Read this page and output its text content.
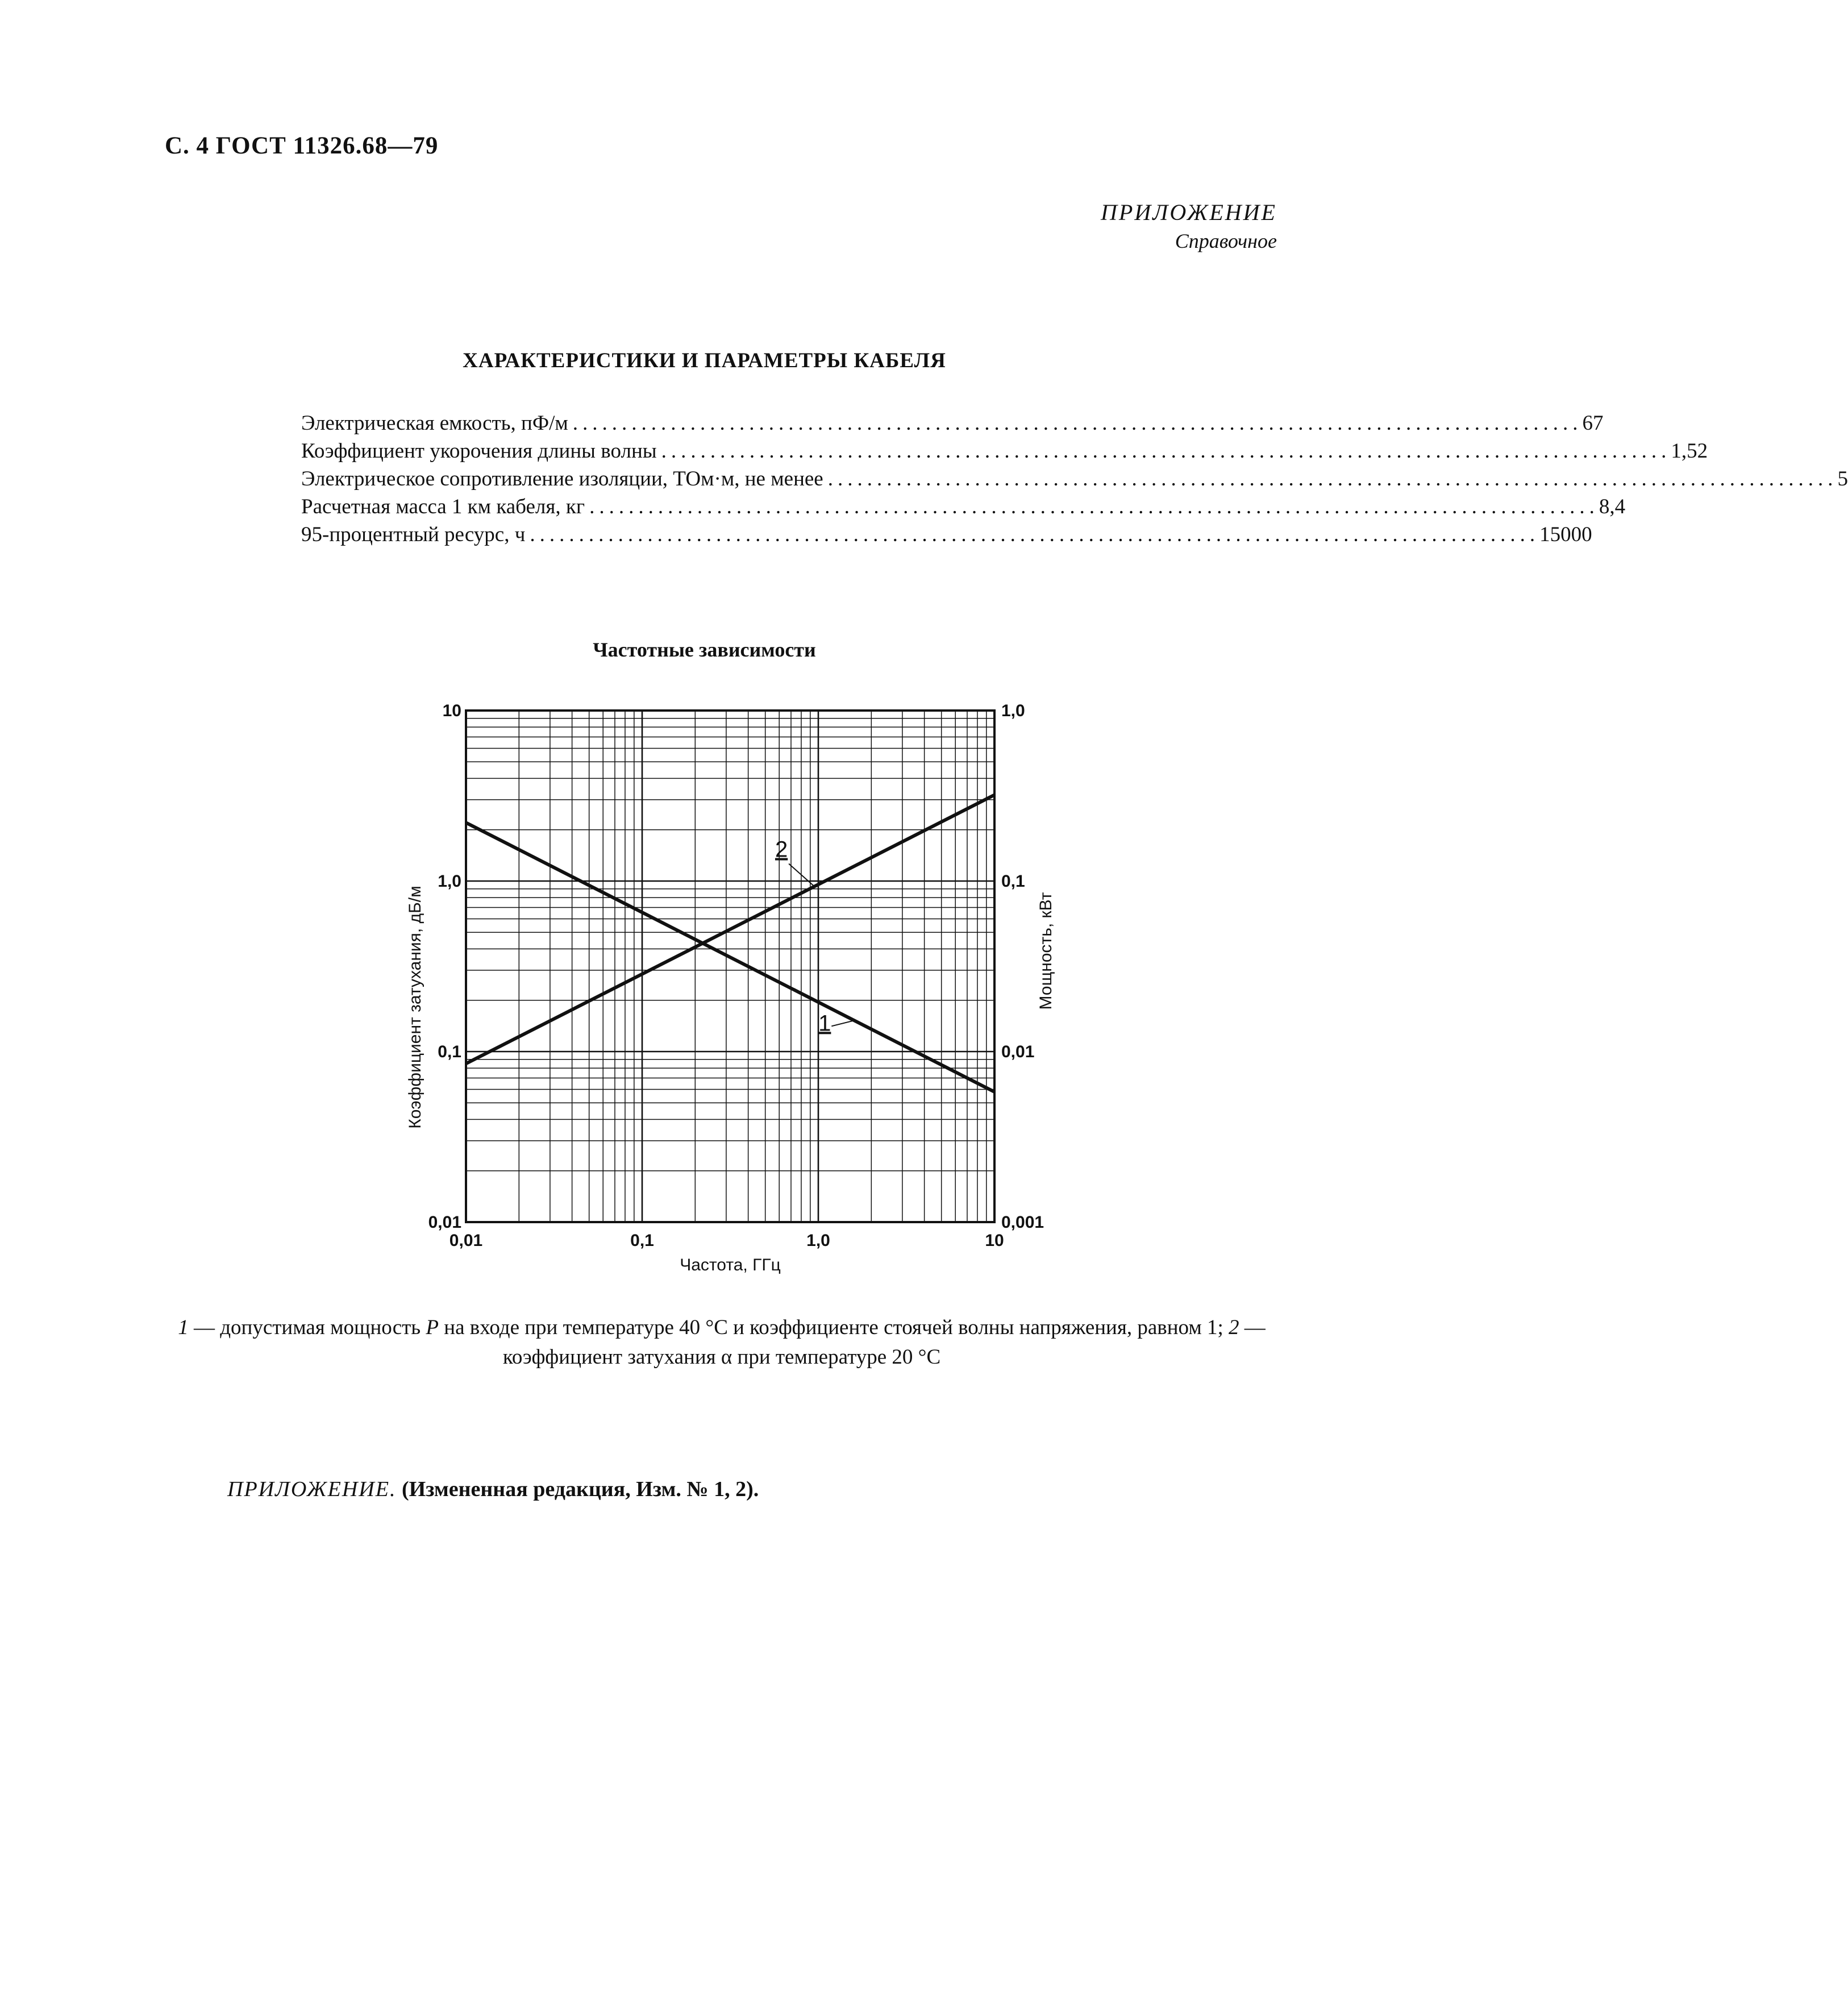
С. 4 ГОСТ 11326.68—79
ПРИЛОЖЕНИЕ
Справочное
ХАРАКТЕРИСТИКИ И ПАРАМЕТРЫ КАБЕЛЯ
Электрическая емкость, пФ/м ....................................................................................................... 67
Коэффициент укорочения длины волны ....................................................................................................... 1,52
Электрическое сопротивление изоляции, ТОм·м, не менее ....................................................................................................... 5
Расчетная масса 1 км кабеля, кг ....................................................................................................... 8,4
95-процентный ресурс, ч ....................................................................................................... 15000
Частотные зависимости
1
2
0,01	0,1	1,0	10
0,01
0,1
1,0
10
0,001
0,01
0,1
1,0
Коэффициент затухания, дБ/м	Мощность, кВт
Частота, ГГц
1 — допустимая мощность P на входе при температуре 40 °С и коэффициенте стоячей волны напряжения, равном 1; 2 — коэффициент затухания α при температуре 20 °С
ПРИЛОЖЕНИЕ. (Измененная редакция, Изм. № 1, 2).
